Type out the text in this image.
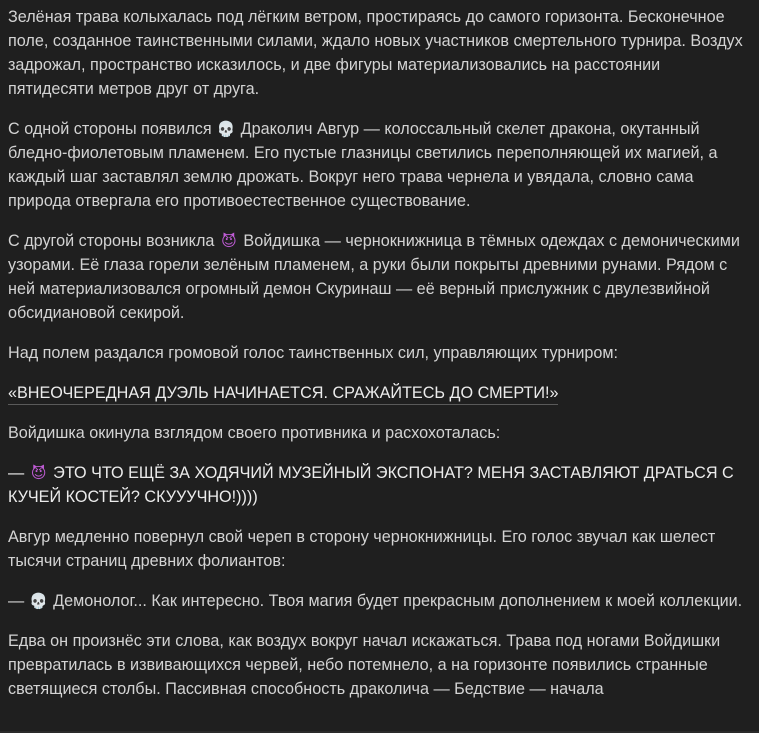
Зелёная трава колыхалась под лёгким ветром, простираясь до самого горизонта. Бесконечное поле, созданное таинственными силами, ждало новых участников смертельного турнира. Воздух задрожал, пространство исказилось, и две фигуры материализовались на расстоянии пятидесяти метров друг от друга.

С одной стороны появился 💀 Драколич Авгур — колоссальный скелет дракона, окутанный бледно-фиолетовым пламенем. Его пустые глазницы светились переполняющей их магией, а каждый шаг заставлял землю дрожать. Вокруг него трава чернела и увядала, словно сама природа отвергала его противоестественное существование.

С другой стороны возникла 😈 Войдишка — чернокнижница в тёмных одеждах с демоническими узорами. Её глаза горели зелёным пламенем, а руки были покрыты древними рунами. Рядом с ней материализовался огромный демон Скуринаш — её верный прислужник с двулезвийной обсидиановой секирой.

Над полем раздался громовой голос таинственных сил, управляющих турниром:

«ВНЕОЧЕРЕДНАЯ ДУЭЛЬ НАЧИНАЕТСЯ. СРАЖАЙТЕСЬ ДО СМЕРТИ!»

Войдишка окинула взглядом своего противника и расхохоталась:

— 😈 ЭТО ЧТО ЕЩЁ ЗА ХОДЯЧИЙ МУЗЕЙНЫЙ ЭКСПОНАТ? МЕНЯ ЗАСТАВЛЯЮТ ДРАТЬСЯ С КУЧЕЙ КОСТЕЙ? СКУУУЧНО!))))

Авгур медленно повернул свой череп в сторону чернокнижницы. Его голос звучал как шелест тысячи страниц древних фолиантов:

— 💀 Демонолог... Как интересно. Твоя магия будет прекрасным дополнением к моей коллекции.

Едва он произнёс эти слова, как воздух вокруг начал искажаться. Трава под ногами Войдишки превратилась в извивающихся червей, небо потемнело, а на горизонте появились странные светящиеся столбы. Пассивная способность драколича — Бедствие — начала
